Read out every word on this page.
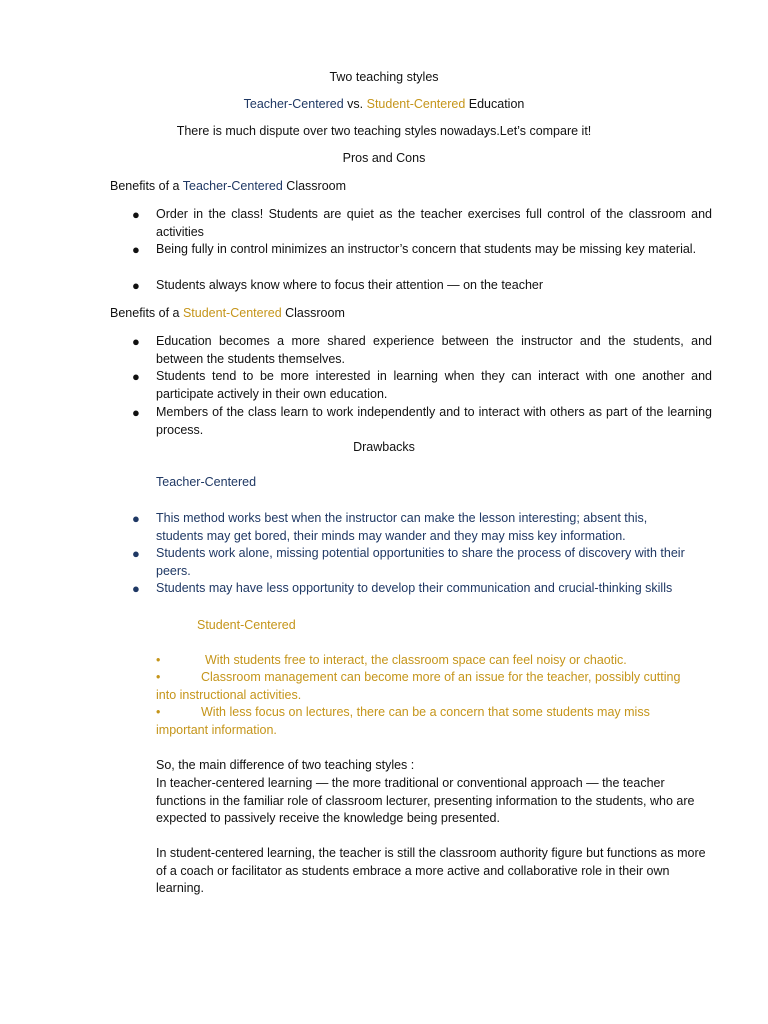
Two teaching styles
Teacher-Centered vs. Student-Centered Education
There is much dispute over two teaching styles nowadays.Let’s compare it!
Pros and Cons
Benefits of a Teacher-Centered Classroom
● Order in the class! Students are quiet as the teacher exercises full control of the classroom and activities
● Being fully in control minimizes an instructor’s concern that students may be missing key material.
● Students always know where to focus their attention — on the teacher
Benefits of a Student-Centered Classroom
● Education becomes a more shared experience between the instructor and the students, and between the students themselves.
● Students tend to be more interested in learning when they can interact with one another and participate actively in their own education.
● Members of the class learn to work independently and to interact with others as part of the learning process.
Drawbacks
Teacher-Centered
● This method works best when the instructor can make the lesson interesting; absent this, students may get bored, their minds may wander and they may miss key information.
● Students work alone, missing potential opportunities to share the process of discovery with their peers.
● Students may have less opportunity to develop their communication and crucial-thinking skills
Student-Centered
•	With students free to interact, the classroom space can feel noisy or chaotic.
•	Classroom management can become more of an issue for the teacher, possibly cutting into instructional activities.
•	With less focus on lectures, there can be a concern that some students may miss important information.
So, the main difference of two teaching styles :
In teacher-centered learning — the more traditional or conventional approach — the teacher functions in the familiar role of classroom lecturer, presenting information to the students, who are expected to passively receive the knowledge being presented.
In student-centered learning, the teacher is still the classroom authority figure but functions as more of a coach or facilitator as students embrace a more active and collaborative role in their own learning.
